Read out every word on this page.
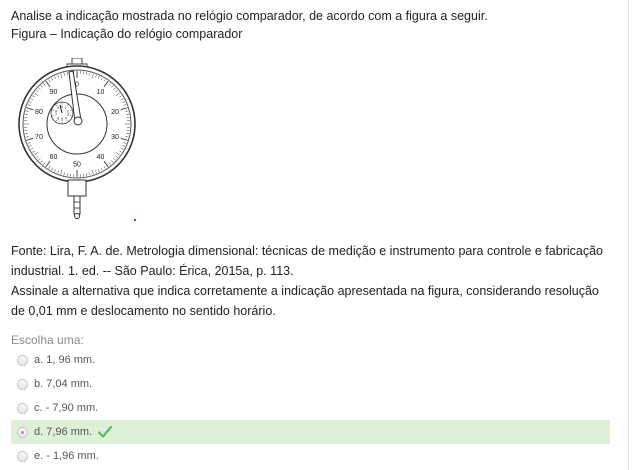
Analise a indicação mostrada no relógio comparador, de acordo com a figura a seguir.
Figura – Indicação do relógio comparador
0
10
20
30
40
50
60
70
80
90
0 1
2
3
4
5
6
7
8
9
Fonte: Lira, F. A. de. Metrologia dimensional: técnicas de medição e instrumento para controle e fabricação industrial. 1. ed. -- São Paulo: Érica, 2015a, p. 113.
Assinale a alternativa que indica corretamente a indicação apresentada na figura, considerando resolução de 0,01 mm e deslocamento no sentido horário.
Escolha uma:
a. 1, 96 mm.
b. 7,04 mm.
c. - 7,90 mm.
d. 7,96 mm.
e. - 1,96 mm.
